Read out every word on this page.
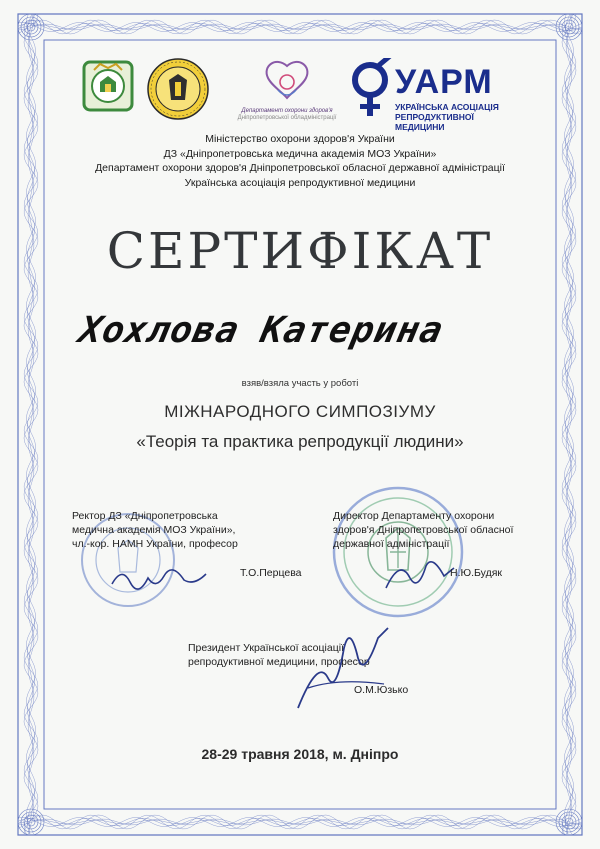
Департамент охорони здоров'я
Дніпропетровської обладміністрації
УАРМ
УКРАЇНСЬКА АСОЦІАЦІЯ РЕПРОДУКТИВНОЇ МЕДИЦИНИ
Міністерство охорони здоров'я України
ДЗ «Дніпропетровська медична академія МОЗ України»
Департамент охорони здоров'я Дніпропетровської обласної державної адміністрації
Українська асоціація репродуктивної медицини
СЕРТИФІКАТ
Хохлова Катерина
взяв/взяла участь у роботі
МІЖНАРОДНОГО СИМПОЗІУМУ
«Теорія та практика репродукції людини»
Ректор ДЗ «Дніпропетровська
медична академія МОЗ України»,
чл.-кор. НАМН України, професор
Т.О.Перцева
Директор Департаменту охорони
здоров'я Дніпропетровської обласної
державної адміністрації
Н.Ю.Будяк
Президент Української асоціації
репродуктивної медицини, професор
О.М.Юзько
28-29 травня 2018, м. Дніпро
